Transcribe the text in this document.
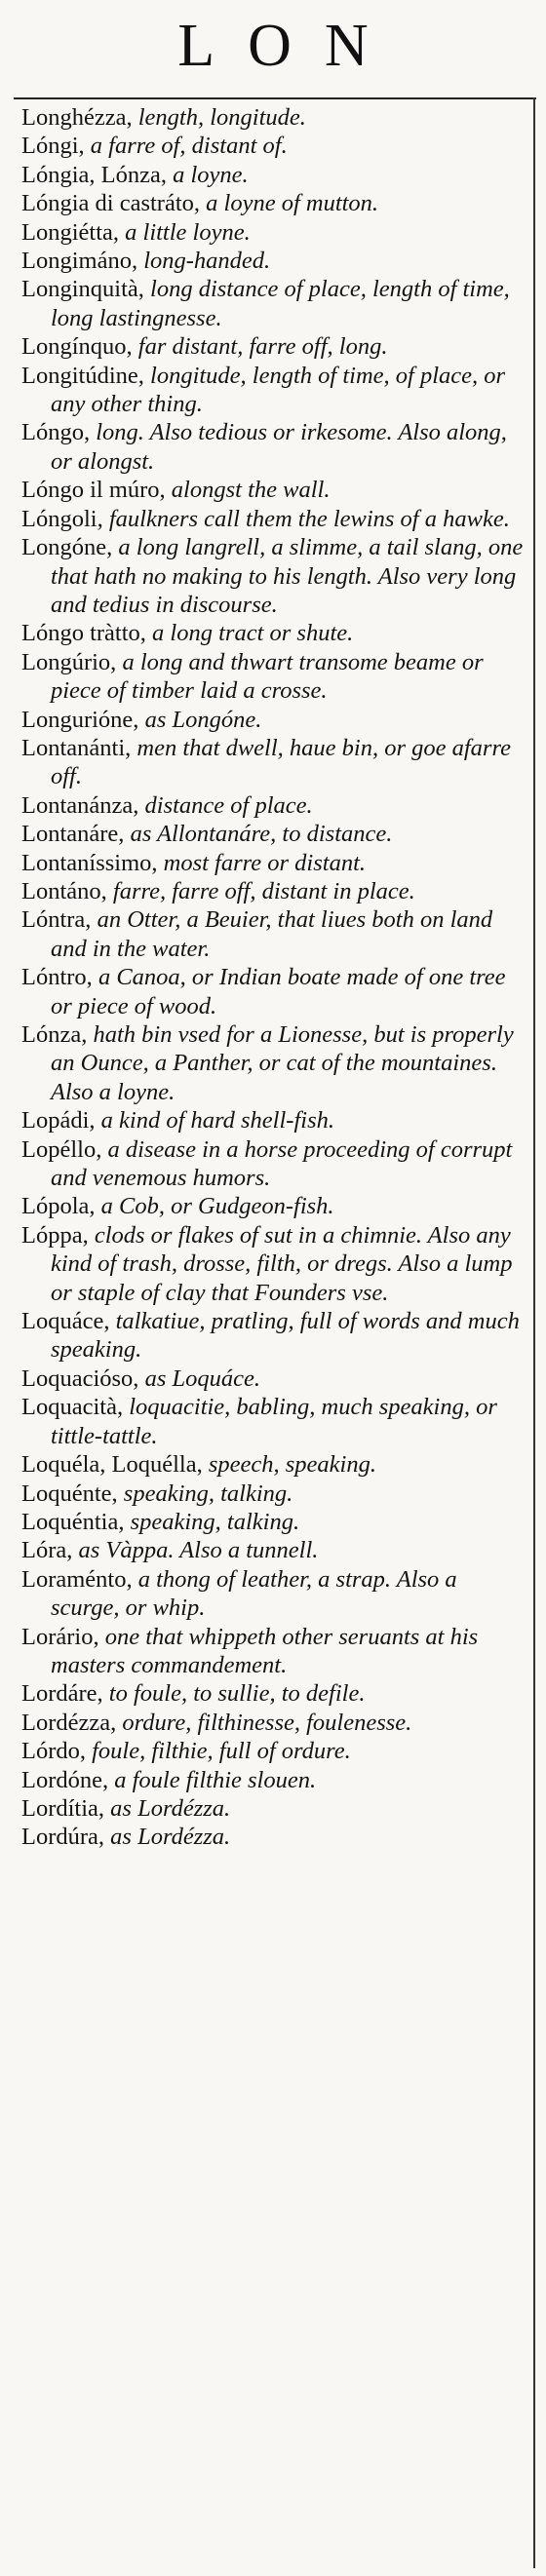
LON

Longhézza, length, longitude.

Lóngi, a farre of, distant of.

Lóngia, Lónza, a loyne.

Lóngia di castráto, a loyne of mutton.

Longiétta, a little loyne.

Longimáno, long-handed.

Longinquità, long distance of place, length of time, long lastingnesse.

Longínquo, far distant, farre off, long.

Longitúdine, longitude, length of time, of place, or any other thing.

Lóngo, long. Also tedious or irkesome. Also along, or alongst.

Lóngo il múro, alongst the wall.

Lóngoli, faulkners call them the lewins of a hawke.

Longóne, a long langrell, a slimme, a tail slang, one that hath no making to his length. Also very long and tedius in discourse.

Lóngo tràtto, a long tract or shute.

Longúrio, a long and thwart transome beame or piece of timber laid a crosse.

Longurióne, as Longóne.

Lontanánti, men that dwell, haue bin, or goe afarre off.

Lontanánza, distance of place.

Lontanáre, as Allontanáre, to distance.

Lontaníssimo, most farre or distant.

Lontáno, farre, farre off, distant in place.

Lóntra, an Otter, a Beuier, that liues both on land and in the water.

Lóntro, a Canoa, or Indian boate made of one tree or piece of wood.

Lónza, hath bin vsed for a Lionesse, but is properly an Ounce, a Panther, or cat of the mountaines. Also a loyne.

Lopádi, a kind of hard shell-fish.

Lopéllo, a disease in a horse proceeding of corrupt and venemous humors.

Lópola, a Cob, or Gudgeon-fish.

Lóppa, clods or flakes of sut in a chimnie. Also any kind of trash, drosse, filth, or dregs. Also a lump or staple of clay that Founders vse.

Loquáce, talkatiue, pratling, full of words and much speaking.

Loquacióso, as Loquáce.

Loquacità, loquacitie, babling, much speaking, or tittle-tattle.

Loquéla, Loquélla, speech, speaking.

Loquénte, speaking, talking.

Loquéntia, speaking, talking.

Lóra, as Vàppa. Also a tunnell.

Loraménto, a thong of leather, a strap. Also a scurge, or whip.

Lorário, one that whippeth other seruants at his masters commandement.

Lordáre, to foule, to sullie, to defile.

Lordézza, ordure, filthinesse, foulenesse.

Lórdo, foule, filthie, full of ordure.

Lordóne, a foule filthie slouen.

Lordítia, as Lordézza.

Lordúra, as Lordézza.
